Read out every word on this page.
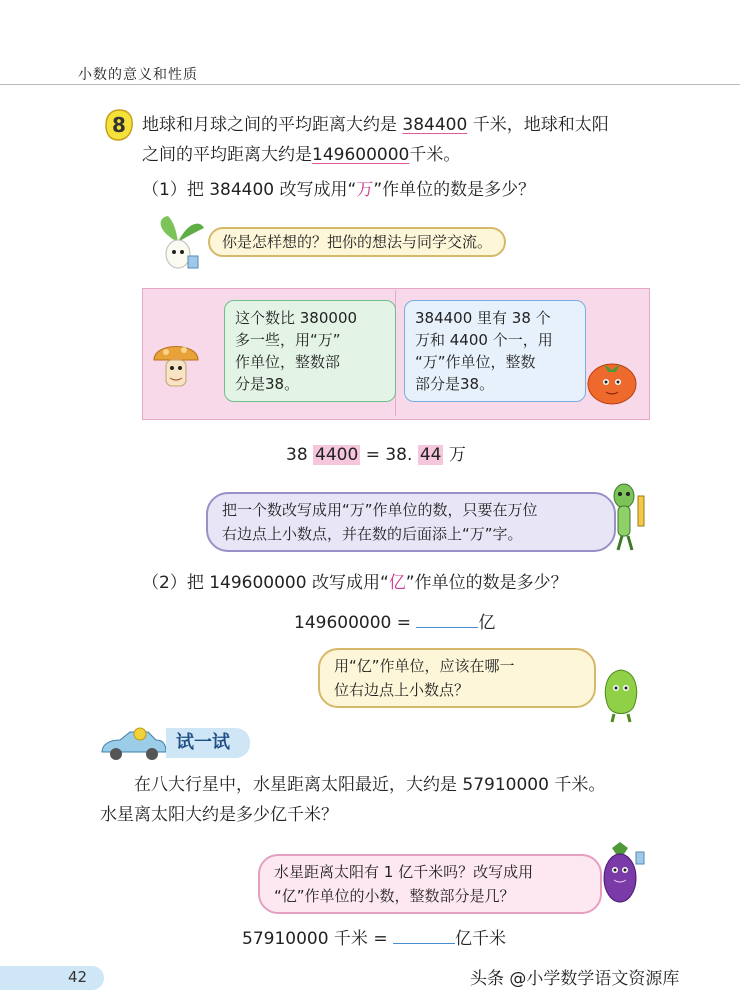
小数的意义和性质
8 地球和月球之间的平均距离大约是 384400 千米，地球和太阳
之间的平均距离大约是149600000千米。
（1）把 384400 改写成用“万”作单位的数是多少？
你是怎样想的？把你的想法与同学交流。
这个数比 380000
多一些，用“万”
作单位，整数部
分是38。
384400 里有 38 个
万和 4400 个一，用
“万”作单位，整数
部分是38。
38 4400 = 38. 44 万
把一个数改写成用“万”作单位的数，只要在万位
右边点上小数点，并在数的后面添上“万”字。
（2）把 149600000 改写成用“亿”作单位的数是多少？
149600000 =	亿
用“亿”作单位，应该在哪一
位右边点上小数点？
试一试
在八大行星中，水星距离太阳最近，大约是 57910000 千米。
水星离太阳大约是多少亿千米？
水星距离太阳有 1 亿千米吗？改写成用
“亿”作单位的小数，整数部分是几？
57910000 千米 =	亿千米
42	头条 @小学数学语文资源库
